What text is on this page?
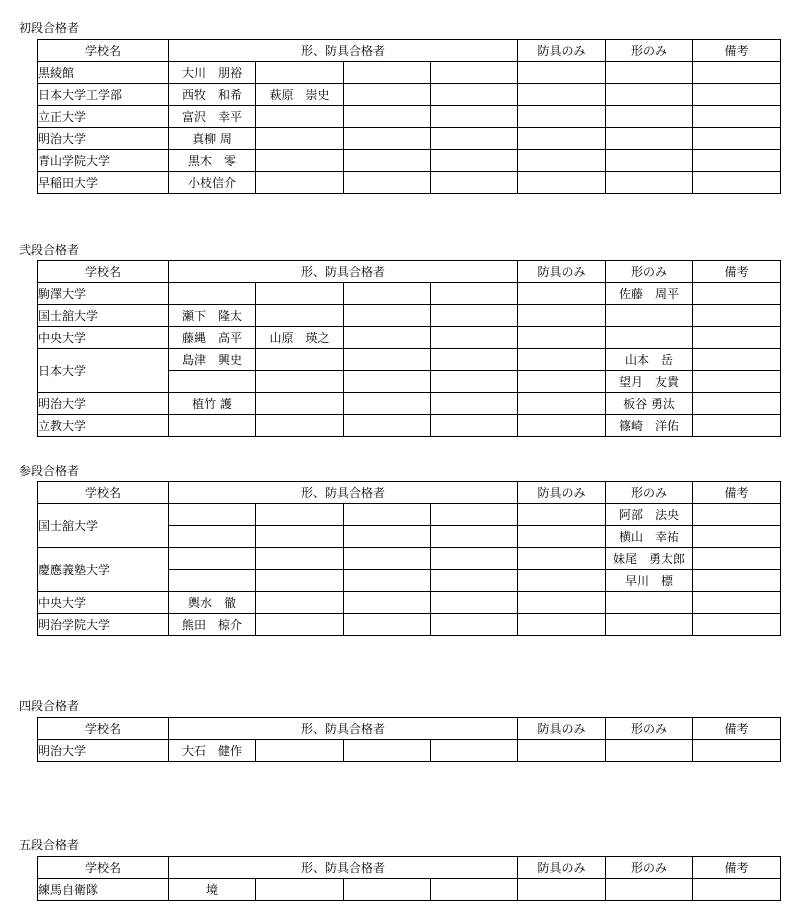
初段合格者
学校名	形、防具合格者				防具のみ	形のみ	備考
黒綾館	大川　朋裕						
日本大学工学部	西牧　和希	萩原　崇史					
立正大学	富沢　幸平						
明治大学	真柳 周						
青山学院大学	黒木　零						
早稲田大学	小枝信介						
弐段合格者
学校名	形、防具合格者				防具のみ	形のみ	備考
駒澤大学						佐藤　周平	
国士舘大学	瀬下　隆太						
中央大学	藤縄　高平	山原　瑛之					
日本大学	島津　興史					山本　岳	
						望月　友貴	
明治大学	植竹 護					板谷 勇汰	
立教大学						篠崎　洋佑	
参段合格者
学校名	形、防具合格者				防具のみ	形のみ	備考
国士舘大学						阿部　法央	
						横山　幸祐	
慶應義塾大学						妹尾　勇太郎	
						早川　標	
中央大学	輿水　徹						
明治学院大学	熊田　椋介						
四段合格者
学校名	形、防具合格者				防具のみ	形のみ	備考
明治大学	大石　健作						
五段合格者
学校名	形、防具合格者				防具のみ	形のみ	備考
練馬自衛隊	境						
